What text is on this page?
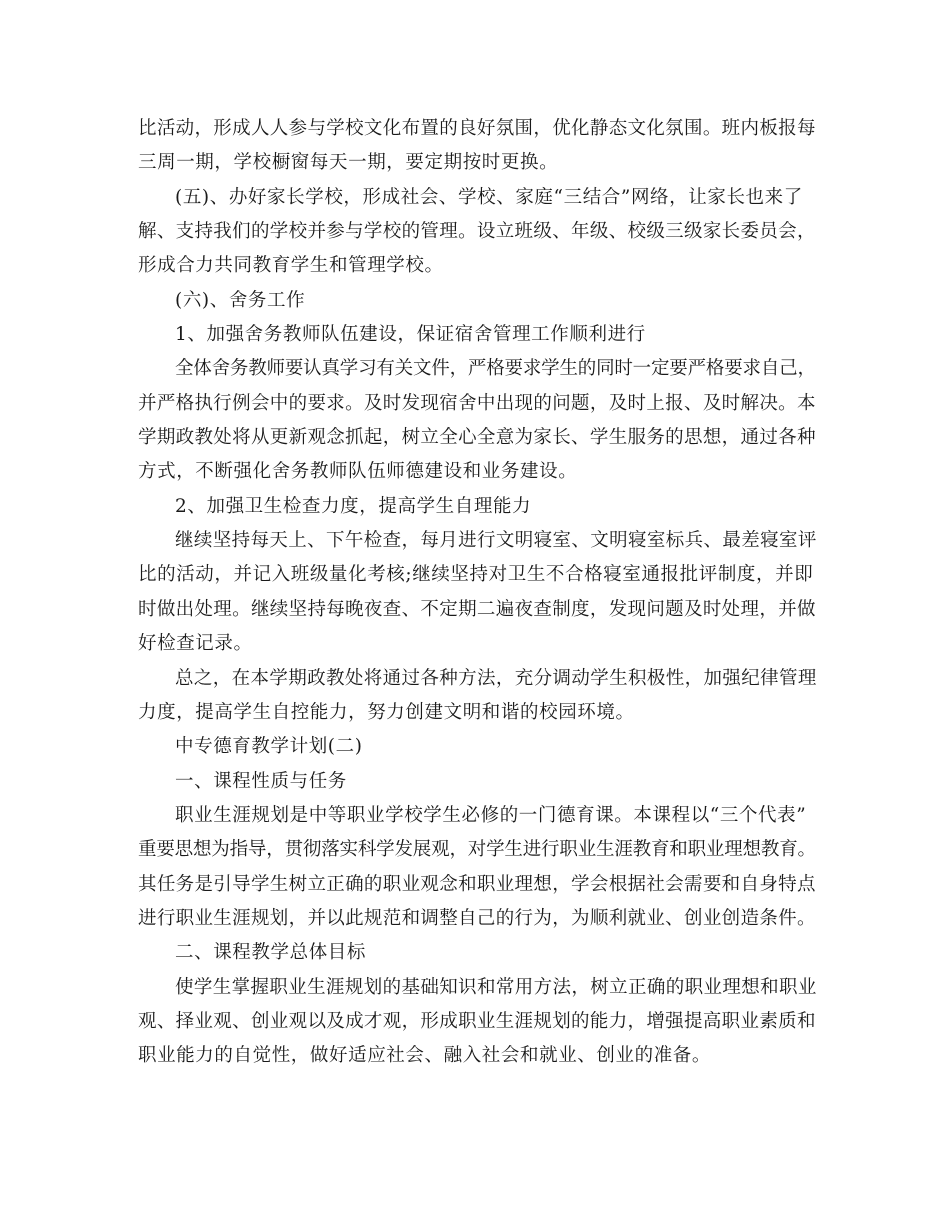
比活动，形成人人参与学校文化布置的良好氛围，优化静态文化氛围。班内板报每
三周一期，学校橱窗每天一期，要定期按时更换。
(五)、办好家长学校，形成社会、学校、家庭“三结合”网络，让家长也来了
解、支持我们的学校并参与学校的管理。设立班级、年级、校级三级家长委员会，
形成合力共同教育学生和管理学校。
(六)、舍务工作
1、加强舍务教师队伍建设，保证宿舍管理工作顺利进行
全体舍务教师要认真学习有关文件，严格要求学生的同时一定要严格要求自己，
并严格执行例会中的要求。及时发现宿舍中出现的问题，及时上报、及时解决。本
学期政教处将从更新观念抓起，树立全心全意为家长、学生服务的思想，通过各种
方式，不断强化舍务教师队伍师德建设和业务建设。
2、加强卫生检查力度，提高学生自理能力
继续坚持每天上、下午检查，每月进行文明寝室、文明寝室标兵、最差寝室评
比的活动，并记入班级量化考核;继续坚持对卫生不合格寝室通报批评制度，并即
时做出处理。继续坚持每晚夜查、不定期二遍夜查制度，发现问题及时处理，并做
好检查记录。
总之，在本学期政教处将通过各种方法，充分调动学生积极性，加强纪律管理
力度，提高学生自控能力，努力创建文明和谐的校园环境。
中专德育教学计划(二)
一、课程性质与任务
职业生涯规划是中等职业学校学生必修的一门德育课。本课程以“三个代表”
重要思想为指导，贯彻落实科学发展观，对学生进行职业生涯教育和职业理想教育。
其任务是引导学生树立正确的职业观念和职业理想，学会根据社会需要和自身特点
进行职业生涯规划，并以此规范和调整自己的行为，为顺利就业、创业创造条件。
二、课程教学总体目标
使学生掌握职业生涯规划的基础知识和常用方法，树立正确的职业理想和职业
观、择业观、创业观以及成才观，形成职业生涯规划的能力，增强提高职业素质和
职业能力的自觉性，做好适应社会、融入社会和就业、创业的准备。
